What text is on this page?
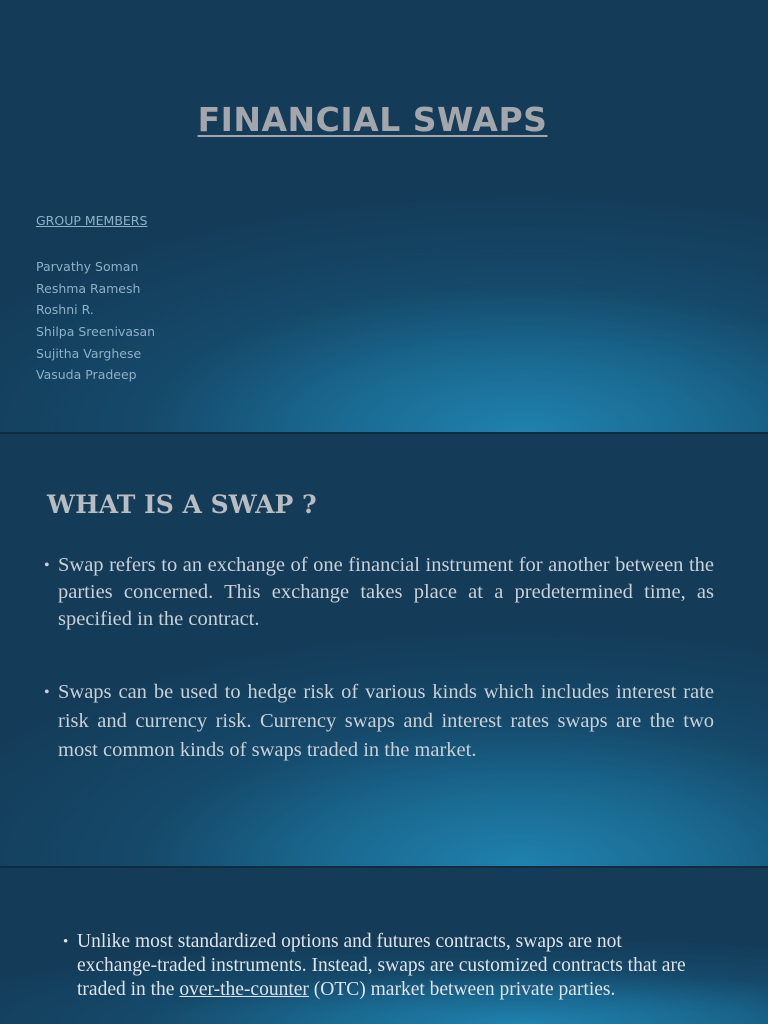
FINANCIAL SWAPS

GROUP MEMBERS

Parvathy Soman
Reshma Ramesh
Roshni R.
Shilpa Sreenivasan
Sujitha Varghese
Vasuda Pradeep
WHAT IS A SWAP ?

• Swap refers to an exchange of one financial instrument for another between the parties concerned. This exchange takes place at a predetermined time, as specified in the contract.

• Swaps can be used to hedge risk of various kinds which includes interest rate risk and currency risk. Currency swaps and interest rates swaps are the two most common kinds of swaps traded in the market.

• Unlike most standardized options and futures contracts, swaps are not exchange-traded instruments. Instead, swaps are customized contracts that are traded in the over-the-counter (OTC) market between private parties.
